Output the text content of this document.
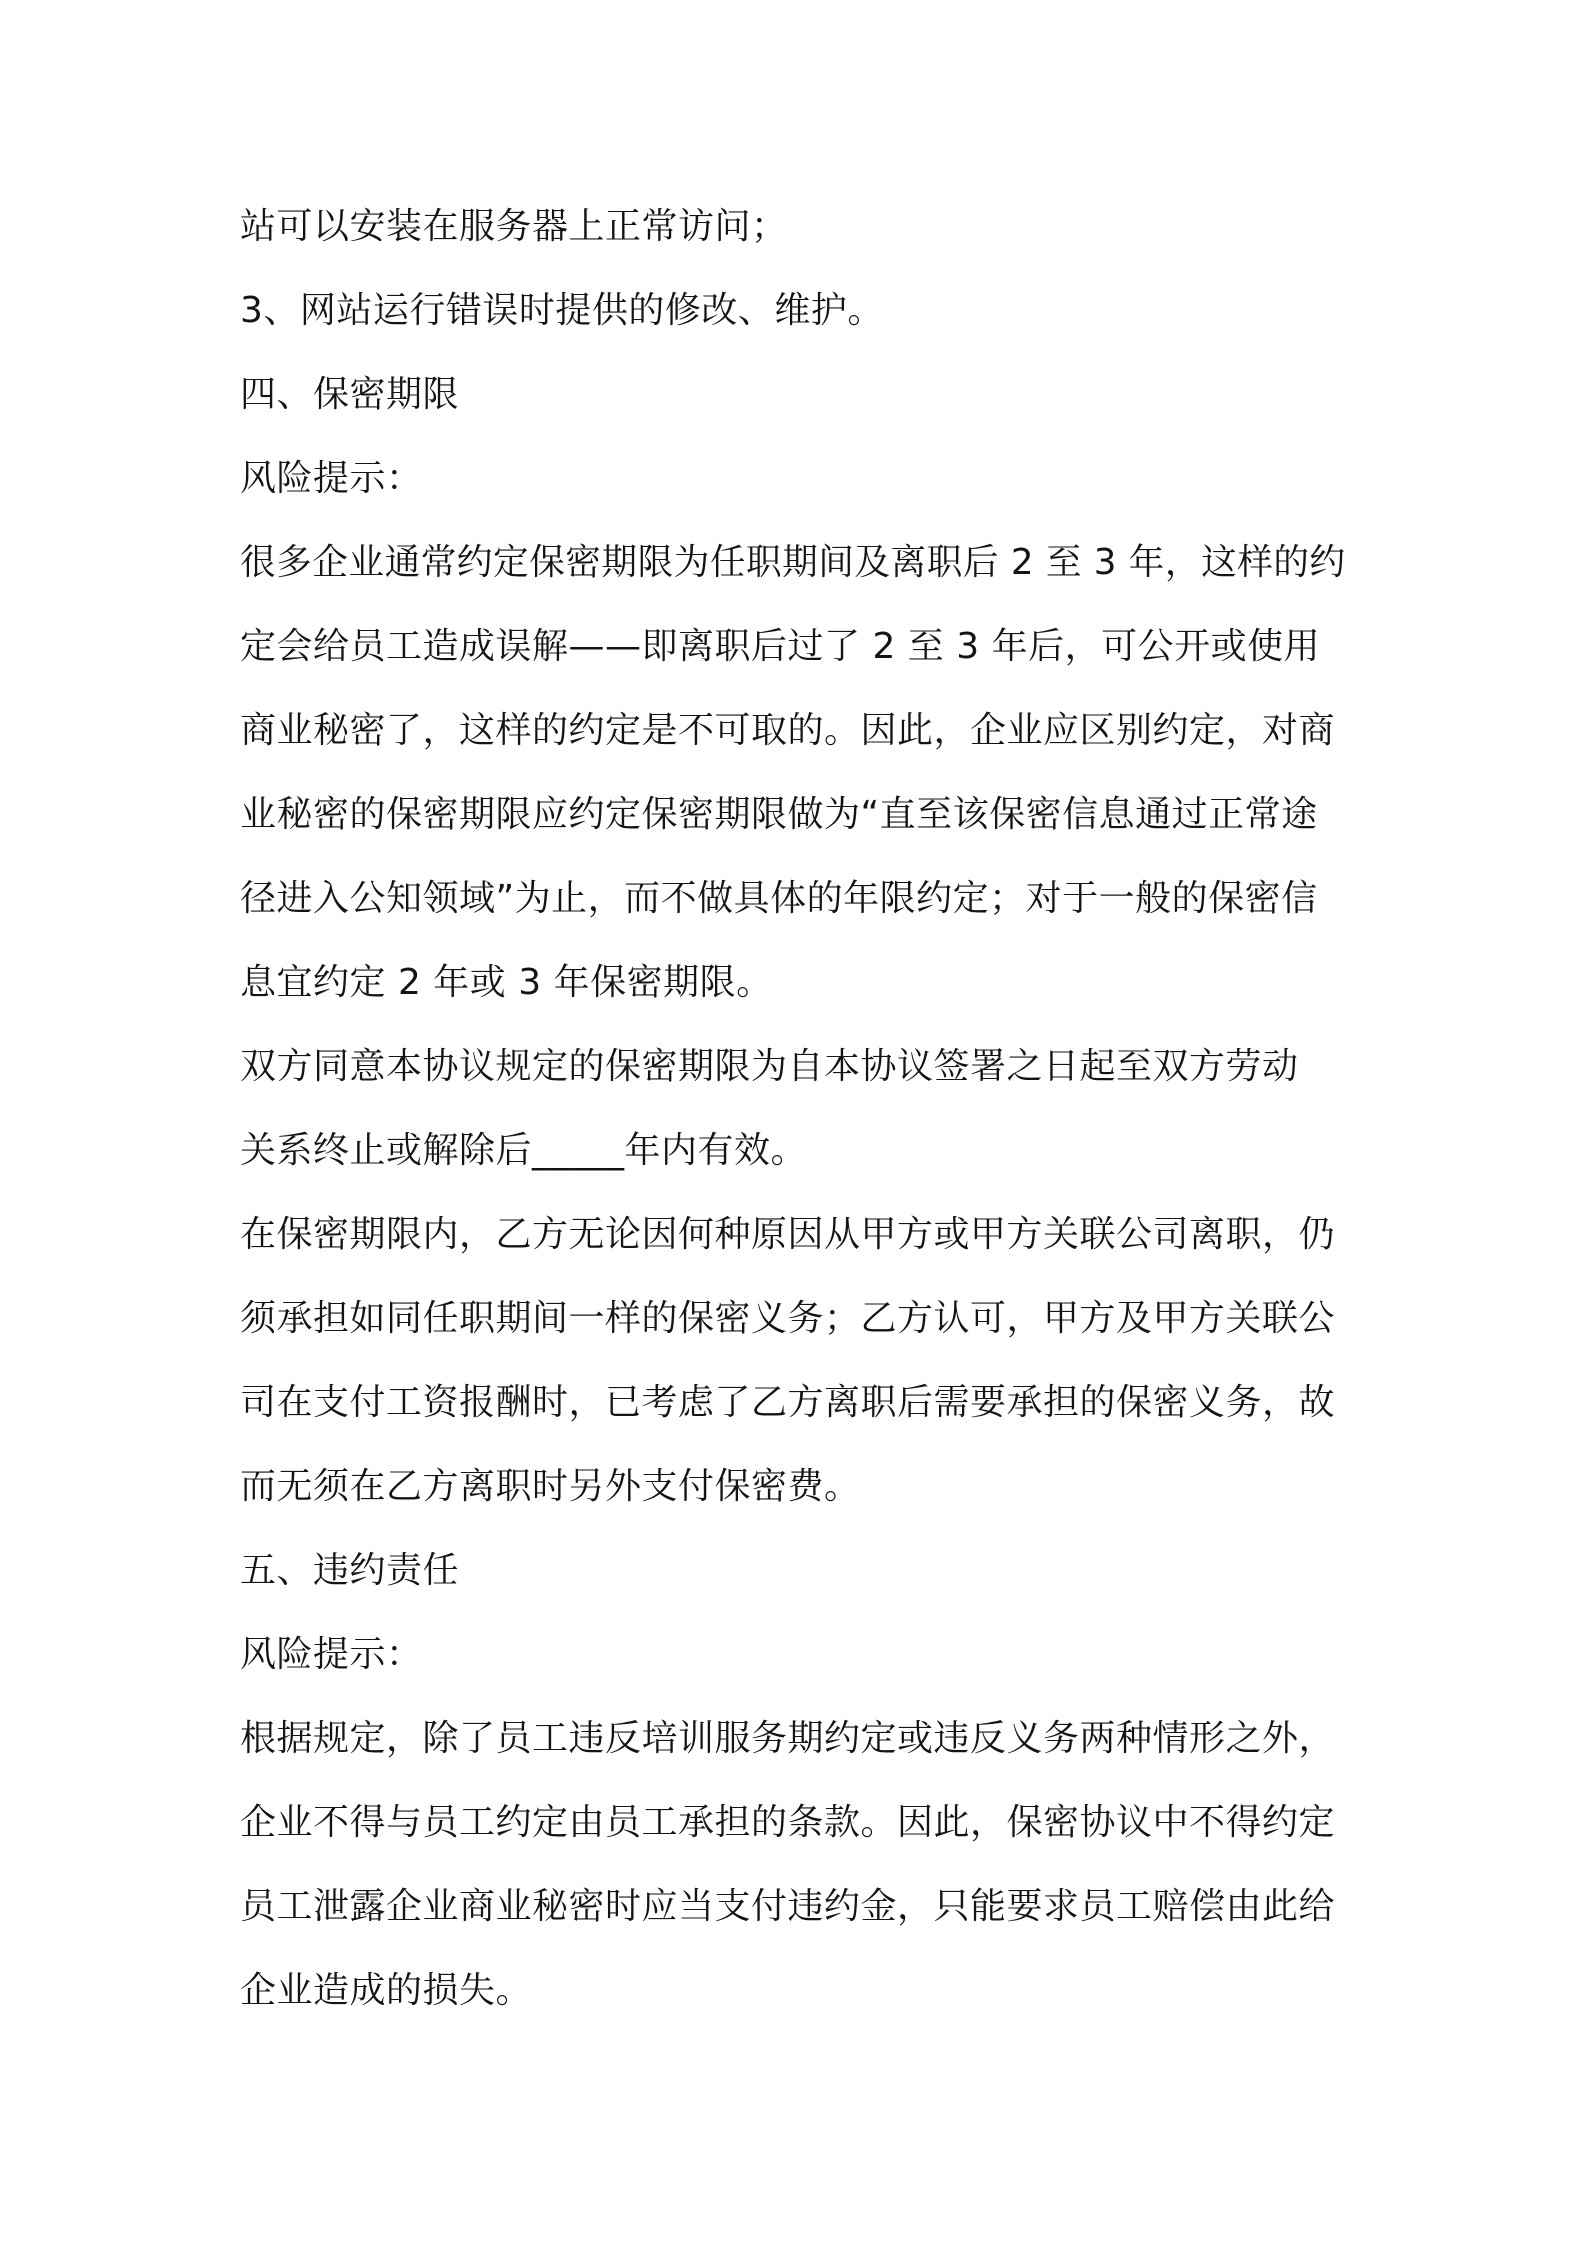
站可以安装在服务器上正常访问；
3、网站运行错误时提供的修改、维护。
四、保密期限
风险提示：
很多企业通常约定保密期限为任职期间及离职后 2 至 3 年，这样的约
定会给员工造成误解——即离职后过了 2 至 3 年后，可公开或使用
商业秘密了，这样的约定是不可取的。因此，企业应区别约定，对商
业秘密的保密期限应约定保密期限做为“直至该保密信息通过正常途
径进入公知领域”为止，而不做具体的年限约定；对于一般的保密信
息宜约定 2 年或 3 年保密期限。
双方同意本协议规定的保密期限为自本协议签署之日起至双方劳动
关系终止或解除后_____年内有效。
在保密期限内，乙方无论因何种原因从甲方或甲方关联公司离职，仍
须承担如同任职期间一样的保密义务；乙方认可，甲方及甲方关联公
司在支付工资报酬时，已考虑了乙方离职后需要承担的保密义务，故
而无须在乙方离职时另外支付保密费。
五、违约责任
风险提示：
根据规定，除了员工违反培训服务期约定或违反义务两种情形之外，
企业不得与员工约定由员工承担的条款。因此，保密协议中不得约定
员工泄露企业商业秘密时应当支付违约金，只能要求员工赔偿由此给
企业造成的损失。
